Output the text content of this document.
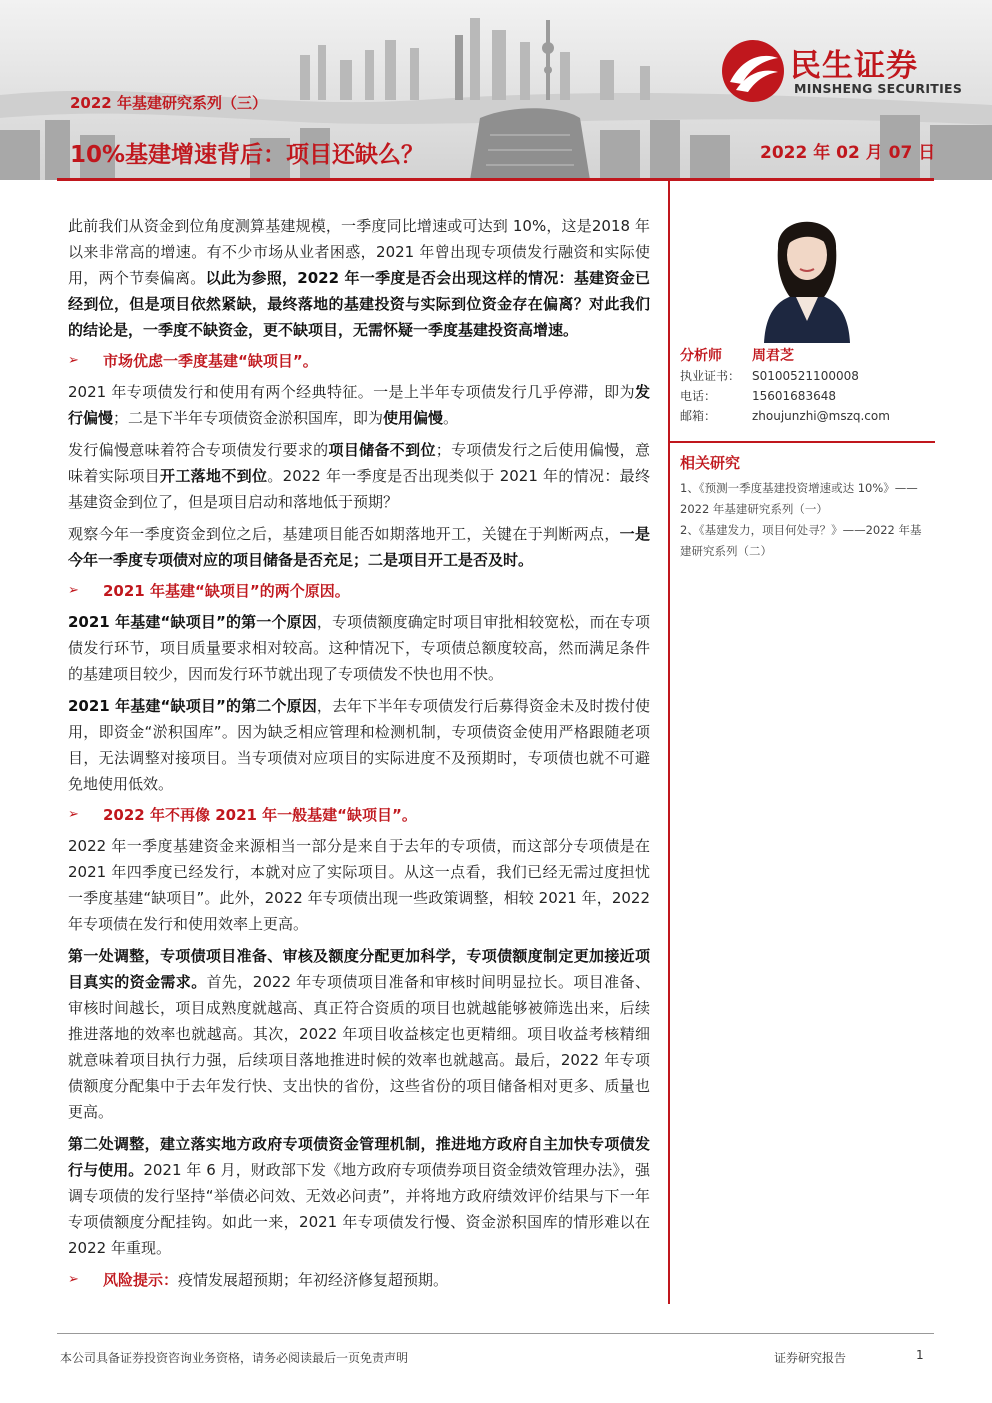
2022 年基建研究系列（三）
10%基建增速背后：项目还缺么？	2022 年 02 月 07 日
民生证券
MINSHENG SECURITIES

此前我们从资金到位角度测算基建规模，一季度同比增速或可达到 10%，这是2018 年以来非常高的增速。有不少市场从业者困惑，2021 年曾出现专项债发行融资和实际使用，两个节奏偏离。以此为参照，2022 年一季度是否会出现这样的情况：基建资金已经到位，但是项目依然紧缺，最终落地的基建投资与实际到位资金存在偏离？对此我们的结论是，一季度不缺资金，更不缺项目，无需怀疑一季度基建投资高增速。

➢	市场优虑一季度基建“缺项目”。

2021 年专项债发行和使用有两个经典特征。一是上半年专项债发行几乎停滞，即为发行偏慢；二是下半年专项债资金淤积国库，即为使用偏慢。

发行偏慢意味着符合专项债发行要求的项目储备不到位；专项债发行之后使用偏慢，意味着实际项目开工落地不到位。2022 年一季度是否出现类似于 2021 年的情况：最终基建资金到位了，但是项目启动和落地低于预期？

观察今年一季度资金到位之后，基建项目能否如期落地开工，关键在于判断两点，一是今年一季度专项债对应的项目储备是否充足；二是项目开工是否及时。

➢	2021 年基建“缺项目”的两个原因。

2021 年基建“缺项目”的第一个原因，专项债额度确定时项目审批相较宽松，而在专项债发行环节，项目质量要求相对较高。这种情况下，专项债总额度较高，然而满足条件的基建项目较少，因而发行环节就出现了专项债发不快也用不快。

2021 年基建“缺项目”的第二个原因，去年下半年专项债发行后募得资金未及时拨付使用，即资金“淤积国库”。因为缺乏相应管理和检测机制，专项债资金使用严格跟随老项目，无法调整对接项目。当专项债对应项目的实际进度不及预期时，专项债也就不可避免地使用低效。

➢	2022 年不再像 2021 年一般基建“缺项目”。

2022 年一季度基建资金来源相当一部分是来自于去年的专项债，而这部分专项债是在 2021 年四季度已经发行，本就对应了实际项目。从这一点看，我们已经无需过度担忧一季度基建“缺项目”。此外，2022 年专项债出现一些政策调整，相较 2021 年，2022 年专项债在发行和使用效率上更高。

第一处调整，专项债项目准备、审核及额度分配更加科学，专项债额度制定更加接近项目真实的资金需求。首先，2022 年专项债项目准备和审核时间明显拉长。项目准备、审核时间越长，项目成熟度就越高、真正符合资质的项目也就越能够被筛选出来，后续推进落地的效率也就越高。其次，2022 年项目收益核定也更精细。项目收益考核精细就意味着项目执行力强，后续项目落地推进时候的效率也就越高。最后，2022 年专项债额度分配集中于去年发行快、支出快的省份，这些省份的项目储备相对更多、质量也更高。

第二处调整，建立落实地方政府专项债资金管理机制，推进地方政府自主加快专项债发行与使用。2021 年 6 月，财政部下发《地方政府专项债券项目资金绩效管理办法》，强调专项债的发行坚持“举债必问效、无效必问责”，并将地方政府绩效评价结果与下一年专项债额度分配挂钩。如此一来，2021 年专项债发行慢、资金淤积国库的情形难以在 2022 年重现。

➢	风险提示： 疫情发展超预期；年初经济修复超预期。
分析师 周君芝
执业证书： S0100521100008
电话：	15601683648
邮箱：	zhoujunzhi@mszq.com
相关研究
1、《预测一季度基建投资增速或达 10%》——2022 年基建研究系列（一）
2、《基建发力，项目何处寻？》——2022 年基建研究系列（二）
本公司具备证券投资咨询业务资格，请务必阅读最后一页免责声明	证券研究报告	1
